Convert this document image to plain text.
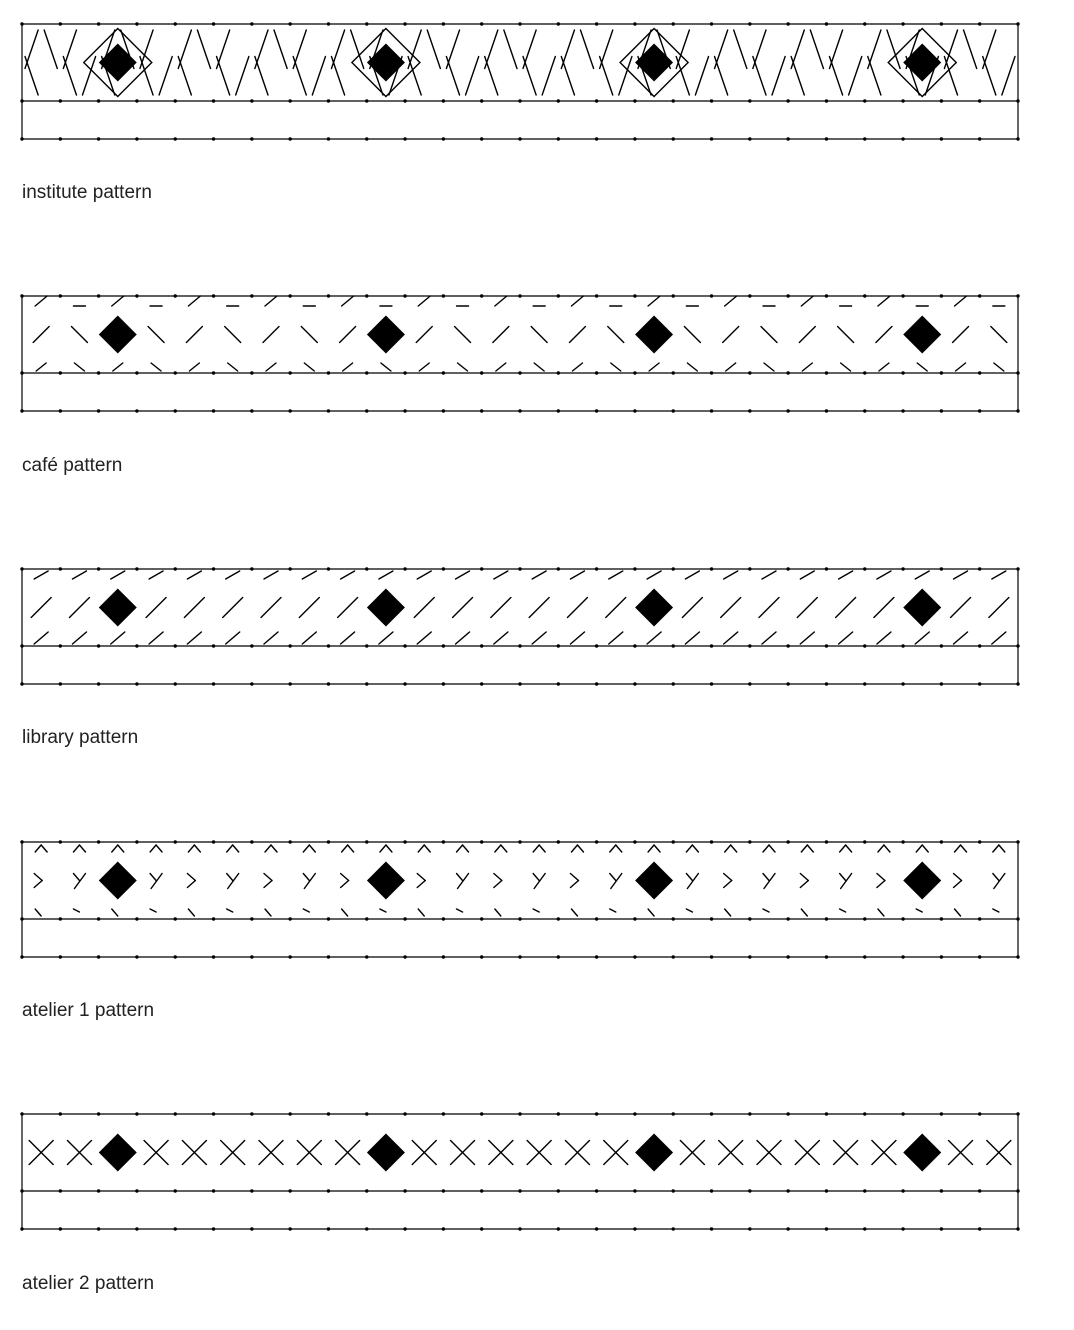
institute pattern
café pattern
library pattern
atelier 1 pattern
atelier 2 pattern
